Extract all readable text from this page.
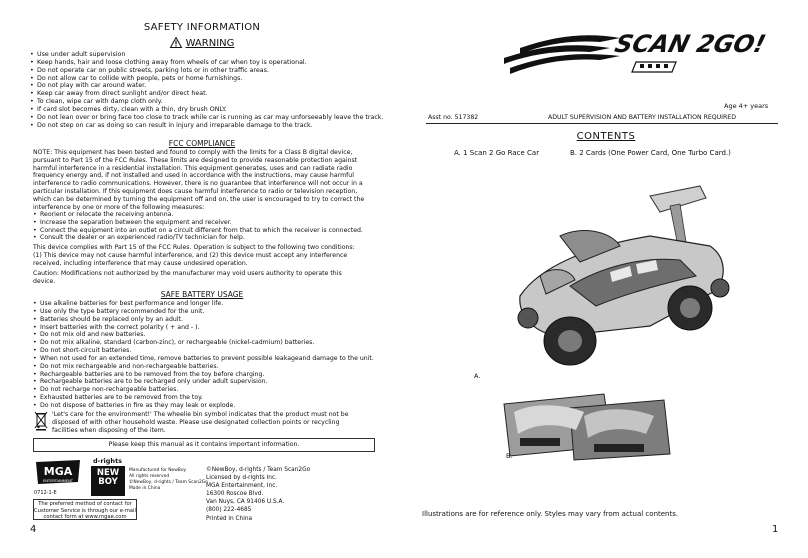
SAFETY INFORMATION
WARNING
• Use under adult supervision
• Keep hands, hair and loose clothing away from wheels of car when toy is operational.
• Do not operate car on public streets, parking lots or in other traffic areas.
• Do not allow car to collide with people, pets or home furnishings.
• Do not play with car around water.
• Keep car away from direct sunlight and/or direct heat.
• To clean, wipe car with damp cloth only.
• If card slot becomes dirty, clean with a thin, dry brush ONLY.
• Do not lean over or bring face too close to track while car is running as car may unforseeably leave the track.
• Do not step on car as doing so can result in injury and irreparable damage to the track.
FCC COMPLIANCE
NOTE: This equipment has been tested and found to comply with the limits for a Class B digital device,
pursuant to Part 15 of the FCC Rules. These limits are designed to provide reasonable protection against
harmful interference in a residential installation. This equipment generates, uses and can radiate radio
frequency energy and, if not installed and used in accordance with the instructions, may cause harmful
interference to radio communications. However, there is no guarantee that interference will not occur in a
particular installation. If this equipment does cause harmful interference to radio or television reception,
which can be determined by turning the equipment off and on, the user is encouraged to try to correct the
interference by one or more of the following measures:
• Reorient or relocate the receiving antenna.
• Increase the separation between the equipment and receiver.
• Connect the equipment into an outlet on a circuit different from that to which the receiver is connected.
• Consult the dealer or an experienced radio/TV technician for help.
This device complies with Part 15 of the FCC Rules. Operation is subject to the following two conditions:
(1) This device may not cause harmful interference, and (2) this device must accept any interference
received, including interference that may cause undesired operation.
Caution: Modifications not authorized by the manufacturer may void users authority to operate this
device.
SAFE BATTERY USAGE
• Use alkaline batteries for best performance and longer life.
• Use only the type battery recommended for the unit.
• Batteries should be replaced only by an adult.
• Insert batteries with the correct polarity ( + and - ).
• Do not mix old and new batteries.
• Do not mix alkaline, standard (carbon-zinc), or rechargeable (nickel-cadmium) batteries.
• Do not short-circuit batteries.
• When not used for an extended time, remove batteries to prevent possible leakageand damage to the unit.
• Do not mix rechargeable and non-rechargeable batteries.
• Rechargeable batteries are to be removed from the toy before charging.
• Rechargeable batteries are to be recharged only under adult supervision.
• Do not recharge non-rechargeable batteries.
• Exhausted batteries are to be removed from the toy.
• Do not dispose of batteries in fire as they may leak or explode.
'Let's care for the environment!' The wheelie bin symbol indicates that the product must not be
disposed of with other household waste. Please use designated collection points or recycling
facilities when disposing of the item.
Please keep this manual as it contains important information.
MGA
ENTERTAINMENT
0712-1-E
d-rights
NEW BOY
Manufactured for NewBoy
All rights reserved
©NewBoy, d-rights / Team Scan2Go
Made in China
The preferred method of contact for
Customer Service is through our e-mail
contact form at www.mgae.com
©NewBoy, d-rights / Team Scan2Go
Licensed by d-rights Inc.
MGA Entertainment, Inc.
16300 Roscoe Blvd.
Van Nuys, CA 91406 U.S.A.
(800) 222-4685
Printed in China
4
SCAN 2GO!
Age 4+ years
Asst no. 517382	ADULT SUPERVISION AND BATTERY INSTALLATION REQUIRED
CONTENTS
A. 1 Scan 2 Go Race Car	B. 2 Cards (One Power Card, One Turbo Card.)
A.
B.
Illustrations are for reference only. Styles may vary from actual contents.
1
